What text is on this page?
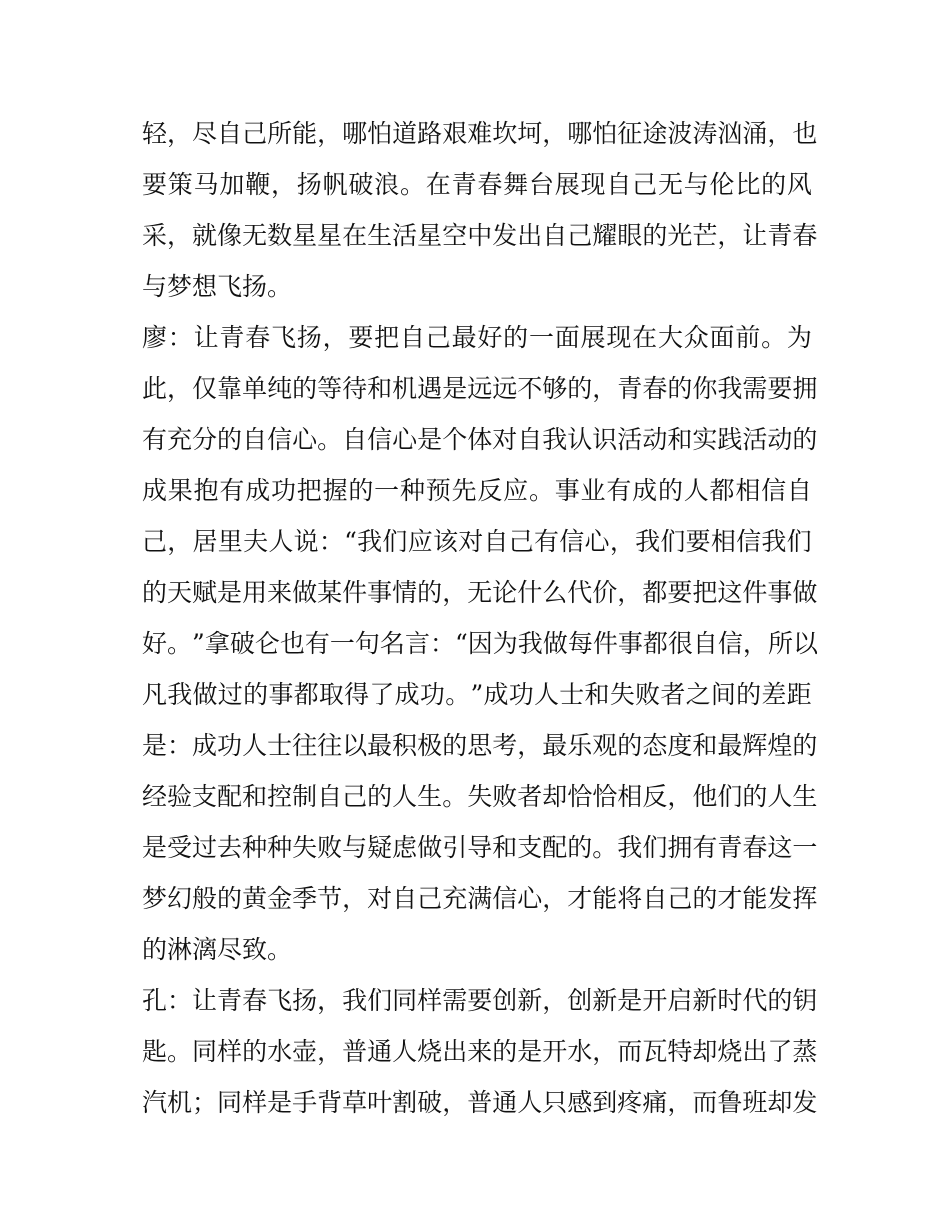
轻 ， 尽 自 己 所 能 ， 哪 怕 道 路 艰 难 坎 坷 ， 哪 怕 征 途 波 涛 汹 涌 ， 也
要 策 马 加 鞭 ， 扬 帆 破 浪 。 在 青 春 舞 台 展 现 自 己 无 与 伦 比 的 风
采 ， 就 像 无 数 星 星 在 生 活 星 空 中 发 出 自 己 耀 眼 的 光 芒 ， 让 青 春
与梦想飞扬。
廖 ： 让 青 春 飞 扬 ， 要 把 自 己 最 好 的 一 面 展 现 在 大 众 面 前 。 为
此 ， 仅 靠 单 纯 的 等 待 和 机 遇 是 远 远 不 够 的 ， 青 春 的 你 我 需 要 拥
有 充 分 的 自 信 心 。 自 信 心 是 个 体 对 自 我 认 识 活 动 和 实 践 活 动 的
成 果 抱 有 成 功 把 握 的 一 种 预 先 反 应 。 事 业 有 成 的 人 都 相 信 自
己 ， 居 里 夫 人 说 ： “ 我 们 应 该 对 自 己 有 信 心 ， 我 们 要 相 信 我 们
的 天 赋 是 用 来 做 某 件 事 情 的 ， 无 论 什 么 代 价 ， 都 要 把 这 件 事 做
好 。 ” 拿 破 仑 也 有 一 句 名 言 ： “ 因 为 我 做 每 件 事 都 很 自 信 ， 所 以
凡 我 做 过 的 事 都 取 得 了 成 功 。 ” 成 功 人 士 和 失 败 者 之 间 的 差 距
是 ： 成 功 人 士 往 往 以 最 积 极 的 思 考 ， 最 乐 观 的 态 度 和 最 辉 煌 的
经 验 支 配 和 控 制 自 己 的 人 生 。 失 败 者 却 恰 恰 相 反 ， 他 们 的 人 生
是 受 过 去 种 种 失 败 与 疑 虑 做 引 导 和 支 配 的 。 我 们 拥 有 青 春 这 一
梦 幻 般 的 黄 金 季 节 ， 对 自 己 充 满 信 心 ， 才 能 将 自 己 的 才 能 发 挥
的淋漓尽致。
孔 ： 让 青 春 飞 扬 ， 我 们 同 样 需 要 创 新 ， 创 新 是 开 启 新 时 代 的 钥
匙 。 同 样 的 水 壶 ， 普 通 人 烧 出 来 的 是 开 水 ， 而 瓦 特 却 烧 出 了 蒸
汽 机 ； 同 样 是 手 背 草 叶 割 破 ， 普 通 人 只 感 到 疼 痛 ， 而 鲁 班 却 发
